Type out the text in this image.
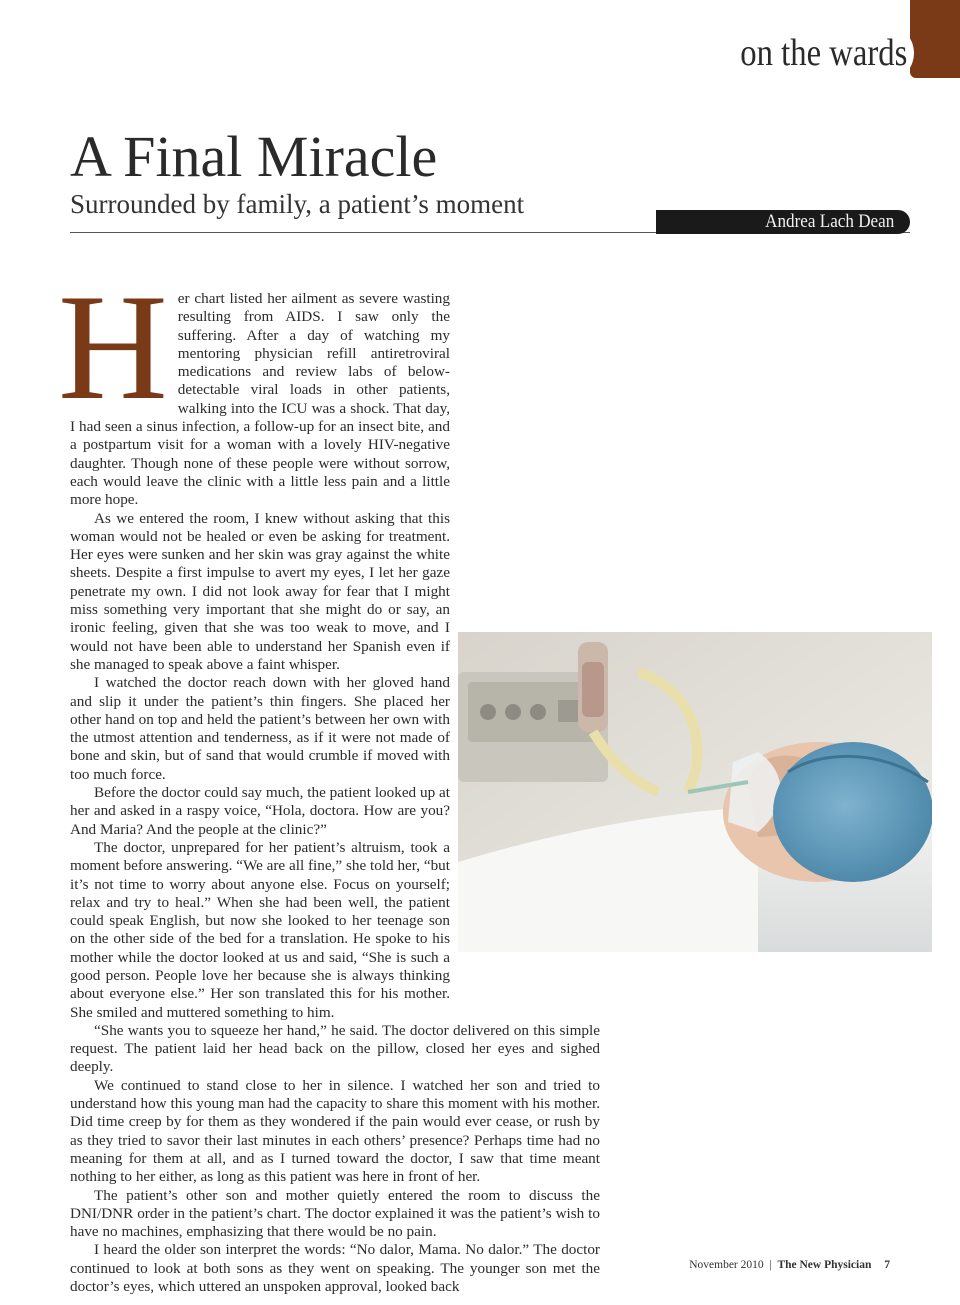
on the wards
A Final Miracle
Surrounded by family, a patient’s moment
Andrea Lach Dean

Her chart listed her ailment as severe wasting resulting from AIDS. I saw only the suffering. After a day of watching my mentoring physician refill antiretroviral medications and review labs of below-detectable viral loads in other patients, walking into the ICU was a shock. That day, I had seen a sinus infection, a follow-up for an insect bite, and a postpartum visit for a woman with a lovely HIV-negative daughter. Though none of these people were without sorrow, each would leave the clinic with a little less pain and a little more hope.

As we entered the room, I knew without asking that this woman would not be healed or even be asking for treatment. Her eyes were sunken and her skin was gray against the white sheets. Despite a first impulse to avert my eyes, I let her gaze penetrate my own. I did not look away for fear that I might miss something very important that she might do or say, an ironic feeling, given that she was too weak to move, and I would not have been able to understand her Spanish even if she managed to speak above a faint whisper.

I watched the doctor reach down with her gloved hand and slip it under the patient’s thin fingers. She placed her other hand on top and held the patient’s between her own with the utmost attention and tenderness, as if it were not made of bone and skin, but of sand that would crumble if moved with too much force.

Before the doctor could say much, the patient looked up at her and asked in a raspy voice, “Hola, doctora. How are you? And Maria? And the people at the clinic?”

The doctor, unprepared for her patient’s altruism, took a moment before answering. “We are all fine,” she told her, “but it’s not time to worry about anyone else. Focus on yourself; relax and try to heal.” When she had been well, the patient could speak English, but now she looked to her teenage son on the other side of the bed for a translation. He spoke to his mother while the doctor looked at us and said, “She is such a good person. People love her because she is always thinking about everyone else.” Her son translated this for his mother. She smiled and muttered something to him.

“She wants you to squeeze her hand,” he said. The doctor delivered on this simple request. The patient laid her head back on the pillow, closed her eyes and sighed deeply.

We continued to stand close to her in silence. I watched her son and tried to understand how this young man had the capacity to share this moment with his mother. Did time creep by for them as they wondered if the pain would ever cease, or rush by as they tried to savor their last minutes in each others’ presence? Perhaps time had no meaning for them at all, and as I turned toward the doctor, I saw that time meant nothing to her either, as long as this patient was here in front of her.

The patient’s other son and mother quietly entered the room to discuss the DNI/DNR order in the patient’s chart. The doctor explained it was the patient’s wish to have no machines, emphasizing that there would be no pain.

I heard the older son interpret the words: “No dalor, Mama. No dalor.” The doctor continued to look at both sons as they went on speaking. The younger son met the doctor’s eyes, which uttered an unspoken approval, looked back

November 2010 | The New Physician 7
